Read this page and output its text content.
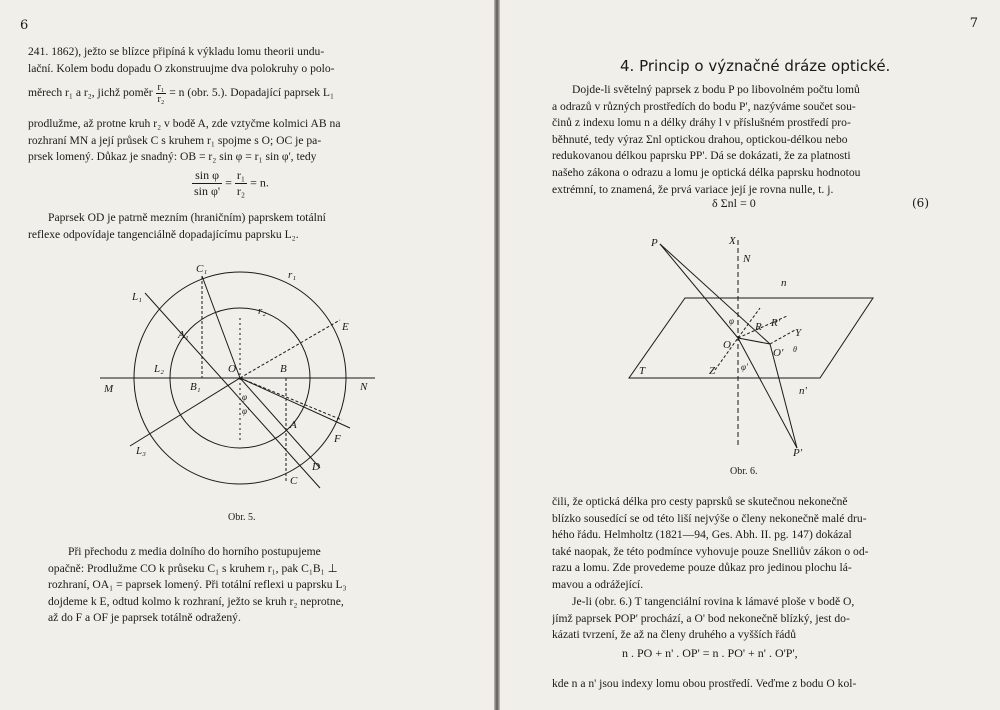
6
241. 1862), ježto se blízce připíná k výkladu lomu theorii undu-
lační. Kolem bodu dopadu O zkonstruujme dva polokruhy o polo-
měrech r₁ a r₂, jichž poměr $\frac{\text{r₁}}{\text{r₂}} = n$ (obr. 5.). Dopadající paprsek L₁
prodlužme, až protne kruh r₂ v bodě A, zde vztyčme kolmici AB na
rozhraní MN a její průsek C s kruhem r₁ spojme s O; OC je pa-
prsek lomený. Důkaz je snadný: OB = r₂ sin φ = r₁ sin φ', tedy
$\frac{\text{sin φ}}{\text{sin φ'}} = \frac{\text{r₁}}{\text{r₂}} = n$.
Paprsek OD je patrně mezním (hraničním) paprskem totální
reflexe odpovídaje tangenciálně dopadajícímu paprsku L₂.
C₁	r₁
r₂
L₁
A₁
E
L₂
B₁
O	B
M	N
A
F
L₃
D
C
φ
φ'
Obr. 5.
Při přechodu z media dolního do horního postupujeme
opačně: Prodlužme CO k průseku C₁ s kruhem r₁, pak C₁B₁ ⊥
rozhraní, OA₁ = paprsek lomený. Při totální reflexi u paprsku L₃
dojdeme k E, odtud kolmo k rozhraní, ježto se kruh r₂ neprotne,
až do F a OF je paprsek totálně odražený.
7
4. Princip o význačné dráze optické.
Dojde-li světelný paprsek z bodu P po libovolném počtu lomů
a odrazů v různých prostředích do bodu P', nazýváme součet sou-
činů z indexu lomu n a délky dráhy l v příslušném prostředí pro-
běhnuté, tedy výraz Σnl optickou drahou, optickou-délkou nebo
redukovanou délkou paprsku PP'. Dá se dokázati, že za platnosti
našeho zákona o odrazu a lomu je optická délka paprsku hodnotou
extrémní, to znamená, že prvá variace její je rovna nulle, t. j.
δ Σnl = 0	(6)
P	X
N
n
R R'
Y
O
O'
T	Z
n'
P'
φ
φ'
θ
Obr. 6.
čili, že optická délka pro cesty paprsků se skutečnou nekonečně
blízko sousedící se od této liší nejvýše o členy nekonečně malé dru-
hého řádu. Helmholtz (1821—94, Ges. Abh. II. pg. 147) dokázal
také naopak, že této podmínce vyhovuje pouze Snelliův zákon o od-
razu a lomu. Zde provedeme pouze důkaz pro jedinou plochu lá-
mavou a odrážející.
Je-li (obr. 6.) T tangenciální rovina k lámavé ploše v bodě O,
jímž paprsek POP' prochází, a O' bod nekonečně blízký, jest do-
kázati tvrzení, že až na členy druhého a vyšších řádů
n . PO + n' . OP' = n . PO' + n' . O'P',
kde n a n' jsou indexy lomu obou prostředí. Veďme z bodu O kol-
